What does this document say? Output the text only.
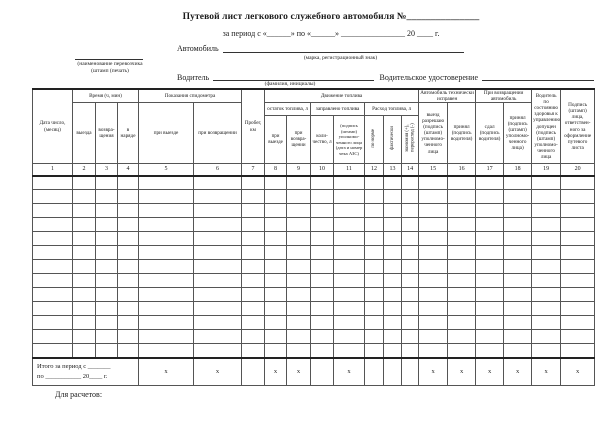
Путевой лист легкового служебного автомобиля №_______________
за период с «______» по «______» ________________ 20 ____ г.
Автомобиль
(марка, регистрационный знак)
(наименование перевозчика
(штамп (печать)
Водитель	Водительское удостоверение
(фамилия, инициалы)
Дата число, (месяц)	Время (ч, мин)			Показания спидометра		Пробег, км	Движение топлива							Автомобиль технически исправен		При возвращении автомобиль		Водитель по состоянию здоровья к управлению допущен (подпись (штамп) уполномо-ченного лица	Подпись (штамп) лица, ответствен-ного за оформление путевого листа
	выезда	возвра-щения	в наряде	при выезде	при возвращении		остаток топлива, л		заправлено топлива		Расход топлива, л			выезд разрешаю (подпись (штамп) уполномо-ченного лица	принял (подпись водителя)	сдал (подпись водителя)	принял (подпись (штамп) уполномо-ченного лица)		
							при выезде	при возвра-щении	коли-чество, л	(подпись (штамп) уполномо-ченного лица (дата и номер чека АЗС)	по норме	фактически	экономия (+), перерасход (-)						
1	2	3	4	5	6	7	8	9	10	11	12	13	14	15	16	17	18	19	20

Итого за период с _______
по ___________ 20____ г.				х	х		х	х		х				х	х	х	х	х	х
Для расчетов:
